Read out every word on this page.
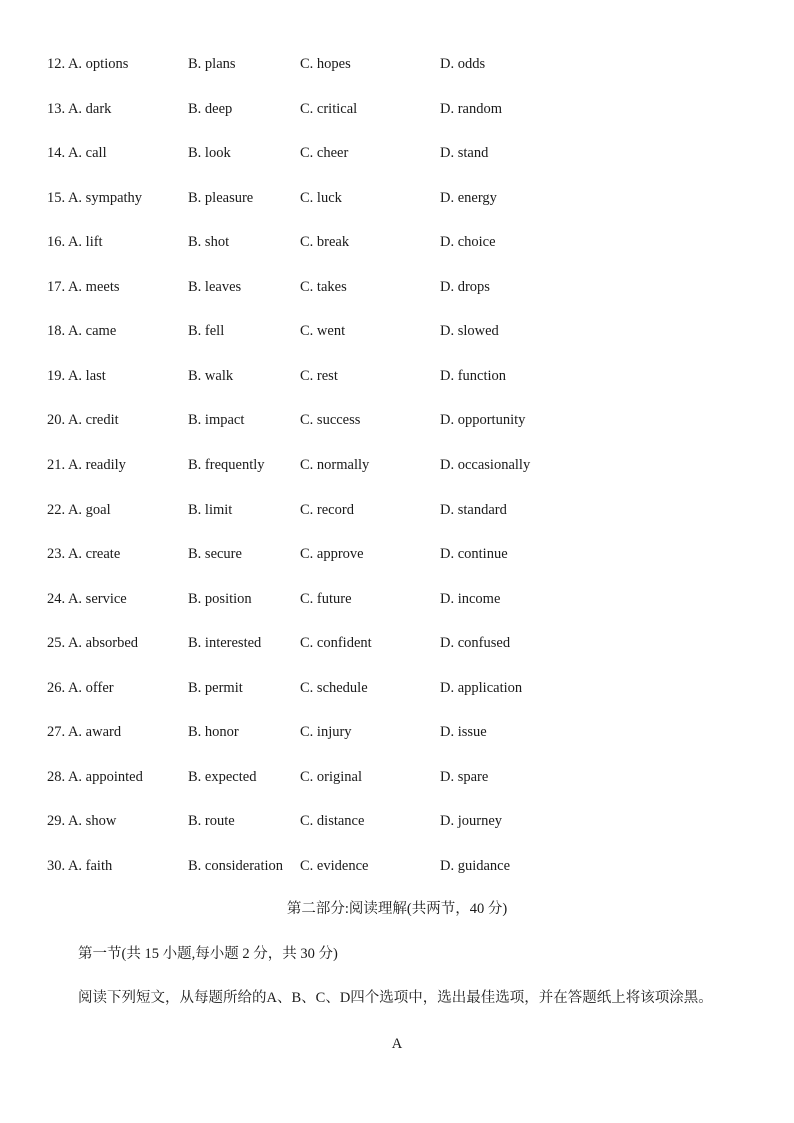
12. A. options	B. plans	C. hopes	D. odds
13. A. dark	B. deep	C. critical	D. random
14. A. call	B. look	C. cheer	D. stand
15. A. sympathy	B. pleasure	C. luck	D. energy
16. A. lift	B. shot	C. break	D. choice
17. A. meets	B. leaves	C. takes	D. drops
18. A. came	B. fell	C. went	D. slowed
19. A. last	B. walk	C. rest	D. function
20. A. credit	B. impact	C. success	D. opportunity
21. A. readily	B. frequently C. normally	D. occasionally
22. A. goal	B. limit	C. record	D. standard
23. A. create	B. secure	C. approve	D. continue
24. A. service	B. position	C. future	D. income
25. A. absorbed	B. interested	C. confident	D. confused
26. A. offer	B. permit	C. schedule	D. application
27. A. award	B. honor	C. injury	D. issue
28. A. appointed	B. expected	C. original	D. spare
29. A. show	B. route	C. distance	D. journey
30. A. faith	B. consideration C. evidence	D. guidance
第二部分:阅读理解(共两节，40 分)
第一节(共 15 小题,每小题 2 分，共 30 分)
阅读下列短文，从每题所给的A、B、C、D四个选项中，选出最佳选项，并在答题纸上将该项涂黑。
A
